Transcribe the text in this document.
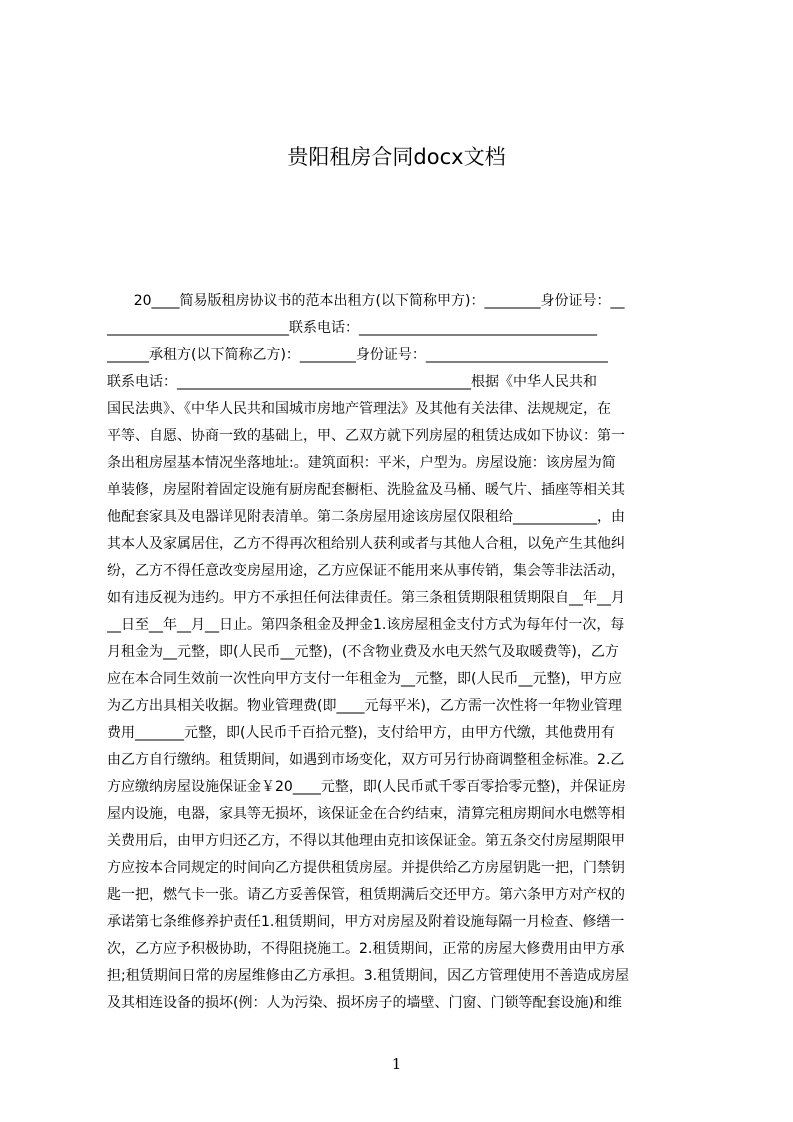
贵阳租房合同docx文档
20____简易版租房协议书的范本出租方(以下简称甲方)：________身份证号：__
__________________________联系电话：__________________________________
______承租方(以下简称乙方)：________身份证号：__________________________
联系电话：__________________________________________根据《中华人民共和
国民法典》、《中华人民共和国城市房地产管理法》及其他有关法律、法规规定，在
平等、自愿、协商一致的基础上，甲、乙双方就下列房屋的租赁达成如下协议：第一
条出租房屋基本情况坐落地址:。建筑面积：平米，户型为。房屋设施：该房屋为简
单装修，房屋附着固定设施有厨房配套橱柜、洗脸盆及马桶、暖气片、插座等相关其
他配套家具及电器详见附表清单。第二条房屋用途该房屋仅限租给____________，由
其本人及家属居住，乙方不得再次租给别人获利或者与其他人合租，以免产生其他纠
纷，乙方不得任意改变房屋用途，乙方应保证不能用来从事传销，集会等非法活动，
如有违反视为违约。甲方不承担任何法律责任。第三条租赁期限租赁期限自__年__月
__日至__年__月__日止。第四条租金及押金1.该房屋租金支付方式为每年付一次，每
月租金为__元整，即(人民币__元整)，(不含物业费及水电天然气及取暖费等)，乙方
应在本合同生效前一次性向甲方支付一年租金为__元整，即(人民币__元整)，甲方应
为乙方出具相关收据。物业管理费(即____元每平米)，乙方需一次性将一年物业管理
费用_______元整，即(人民币千百拾元整)，支付给甲方，由甲方代缴，其他费用有
由乙方自行缴纳。租赁期间，如遇到市场变化，双方可另行协商调整租金标准。2.乙
方应缴纳房屋设施保证金￥20____元整，即(人民币贰千零百零拾零元整)，并保证房
屋内设施，电器，家具等无损坏，该保证金在合约结束，清算完租房期间水电燃等相
关费用后，由甲方归还乙方，不得以其他理由克扣该保证金。第五条交付房屋期限甲
方应按本合同规定的时间向乙方提供租赁房屋。并提供给乙方房屋钥匙一把，门禁钥
匙一把，燃气卡一张。请乙方妥善保管，租赁期满后交还甲方。第六条甲方对产权的
承诺第七条维修养护责任1.租赁期间，甲方对房屋及附着设施每隔一月检查、修缮一
次，乙方应予积极协助，不得阻挠施工。2.租赁期间，正常的房屋大修费用由甲方承
担;租赁期间日常的房屋维修由乙方承担。3.租赁期间，因乙方管理使用不善造成房屋
及其相连设备的损坏(例：人为污染、损坏房子的墙壁、门窗、门锁等配套设施)和维
1
